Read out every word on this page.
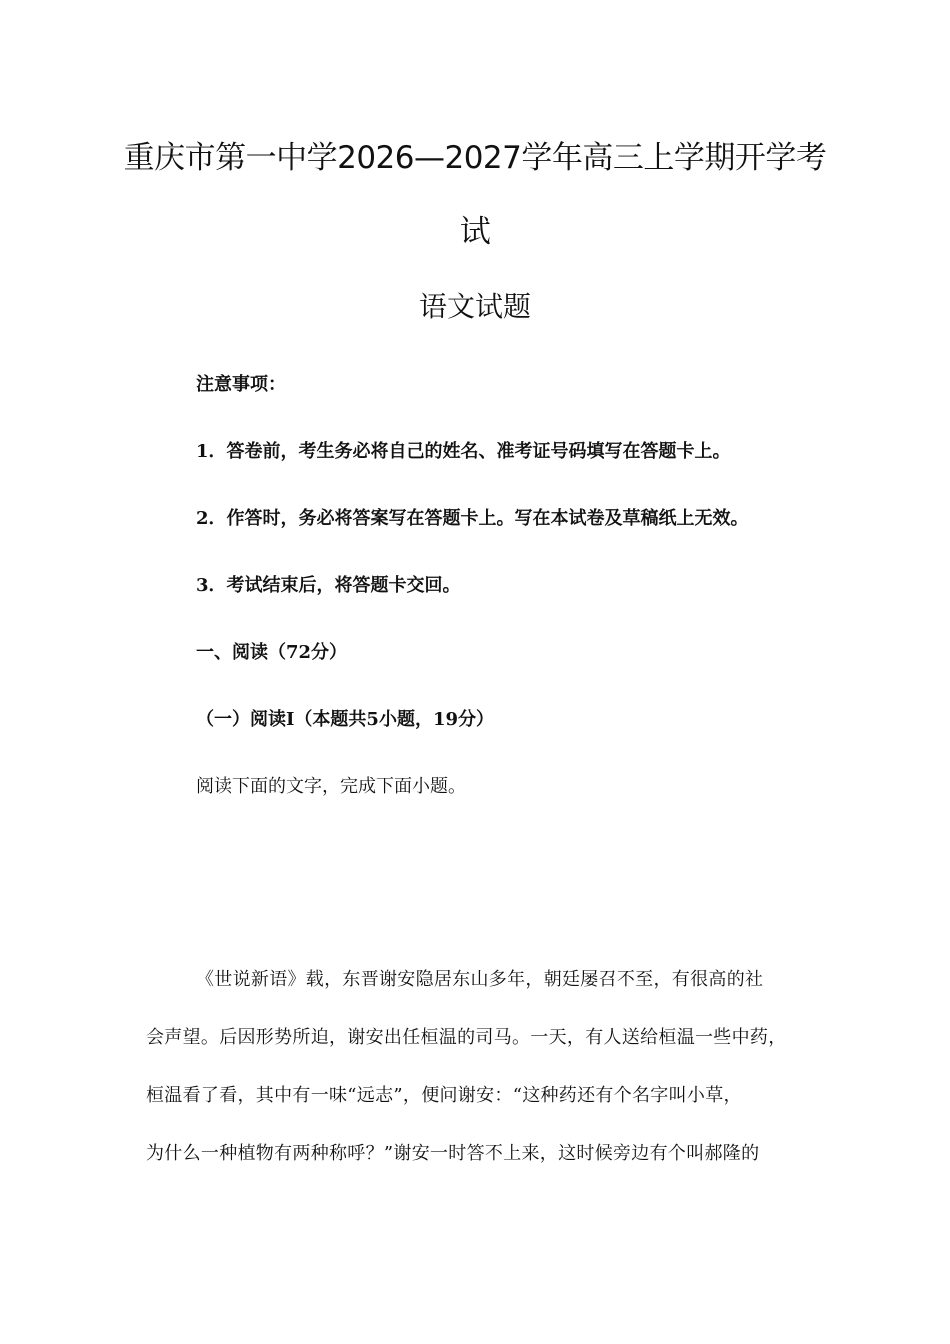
重庆市第一中学2026—2027学年高三上学期开学考
试
语文试题
注意事项：
1．答卷前，考生务必将自己的姓名、准考证号码填写在答题卡上。
2．作答时，务必将答案写在答题卡上。写在本试卷及草稿纸上无效。
3．考试结束后，将答题卡交回。
一、阅读（72分）
（一）阅读Ⅰ（本题共5小题，19分）
阅读下面的文字，完成下面小题。
《世说新语》载，东晋谢安隐居东山多年，朝廷屡召不至，有很高的社
会声望。后因形势所迫，谢安出任桓温的司马。一天，有人送给桓温一些中药，
桓温看了看，其中有一味“远志”，便问谢安：“这种药还有个名字叫小草，
为什么一种植物有两种称呼？”谢安一时答不上来，这时候旁边有个叫郝隆的
